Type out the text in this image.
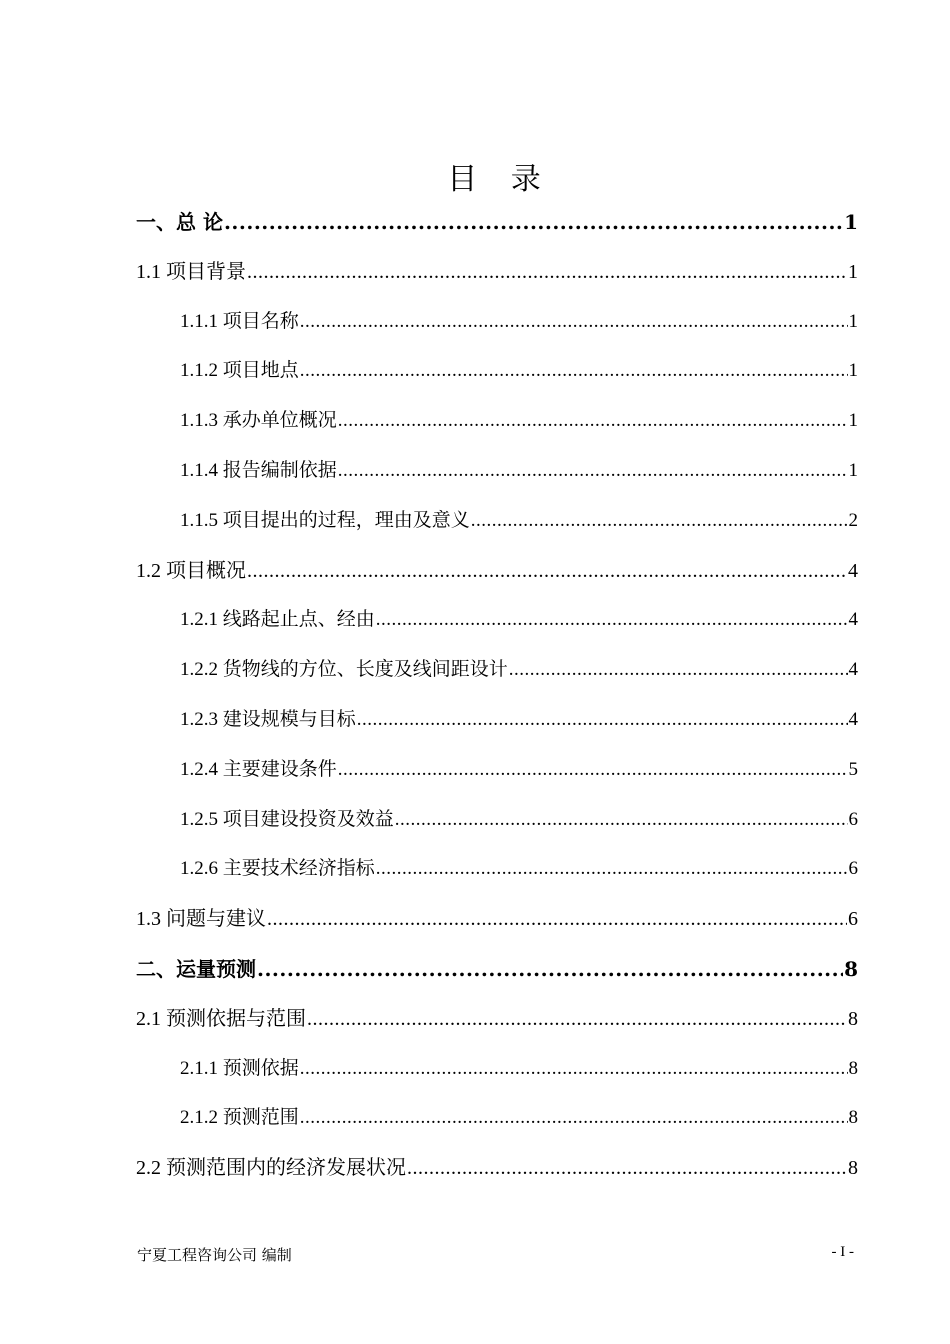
目 录
一、总 论 .....	1
1.1 项目背景 .....	1
1.1.1 项目名称 .....	1
1.1.2 项目地点 .....	1
1.1.3 承办单位概况 .....	1
1.1.4 报告编制依据 .....	1
1.1.5 项目提出的过程，理由及意义 .....	2
1.2 项目概况 .....	4
1.2.1 线路起止点、经由 .....	4
1.2.2 货物线的方位、长度及线间距设计 .....	4
1.2.3 建设规模与目标 .....	4
1.2.4 主要建设条件 .....	5
1.2.5 项目建设投资及效益 .....	6
1.2.6 主要技术经济指标 .....	6
1.3 问题与建议 .....	6
二、运量预测 .....	8
2.1 预测依据与范围 .....	8
2.1.1 预测依据 .....	8
2.1.2 预测范围 .....	8
2.2 预测范围内的经济发展状况 .....	8
宁夏工程咨询公司 编制	- I -
